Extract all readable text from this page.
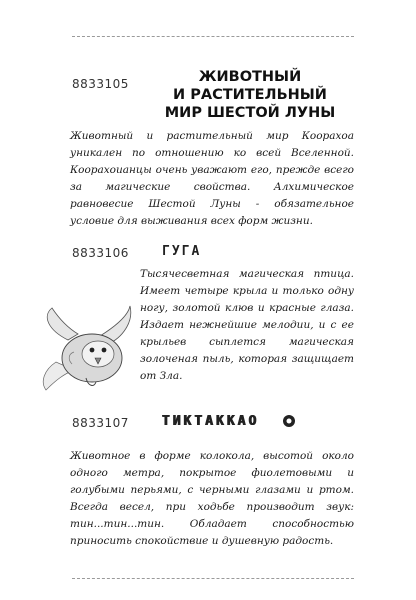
8833105	ЖИВОТНЫЙ
И РАСТИТЕЛЬНЫЙ
МИР ШЕСТОЙ ЛУНЫ
Животный и растительный мир Коорахоа уникален по отношению ко всей Вселенной. Коорахоианцы очень уважают его, прежде всего за магические свойства. Алхимическое равновесие Шестой Луны - обязательное условие для выживания всех форм жизни.
8833106	ГУГА
Тысячесветная магическая птица. Имеет четыре крыла и только одну ногу, золотой клюв и красные глаза. Издает нежнейшие мелодии, и с ее крыльев сыплется магическая золоченая пыль, которая защищает от Зла.
8833107	ТИКТАККАО
Животное в форме колокола, высотой около одного метра, покрытое фиолетовыми и голубыми перьями, с черными глазами и ртом. Всегда весел, при ходьбе производит звук: тин...тин...тин. Обладает способностью приносить спокойствие и душевную радость.
